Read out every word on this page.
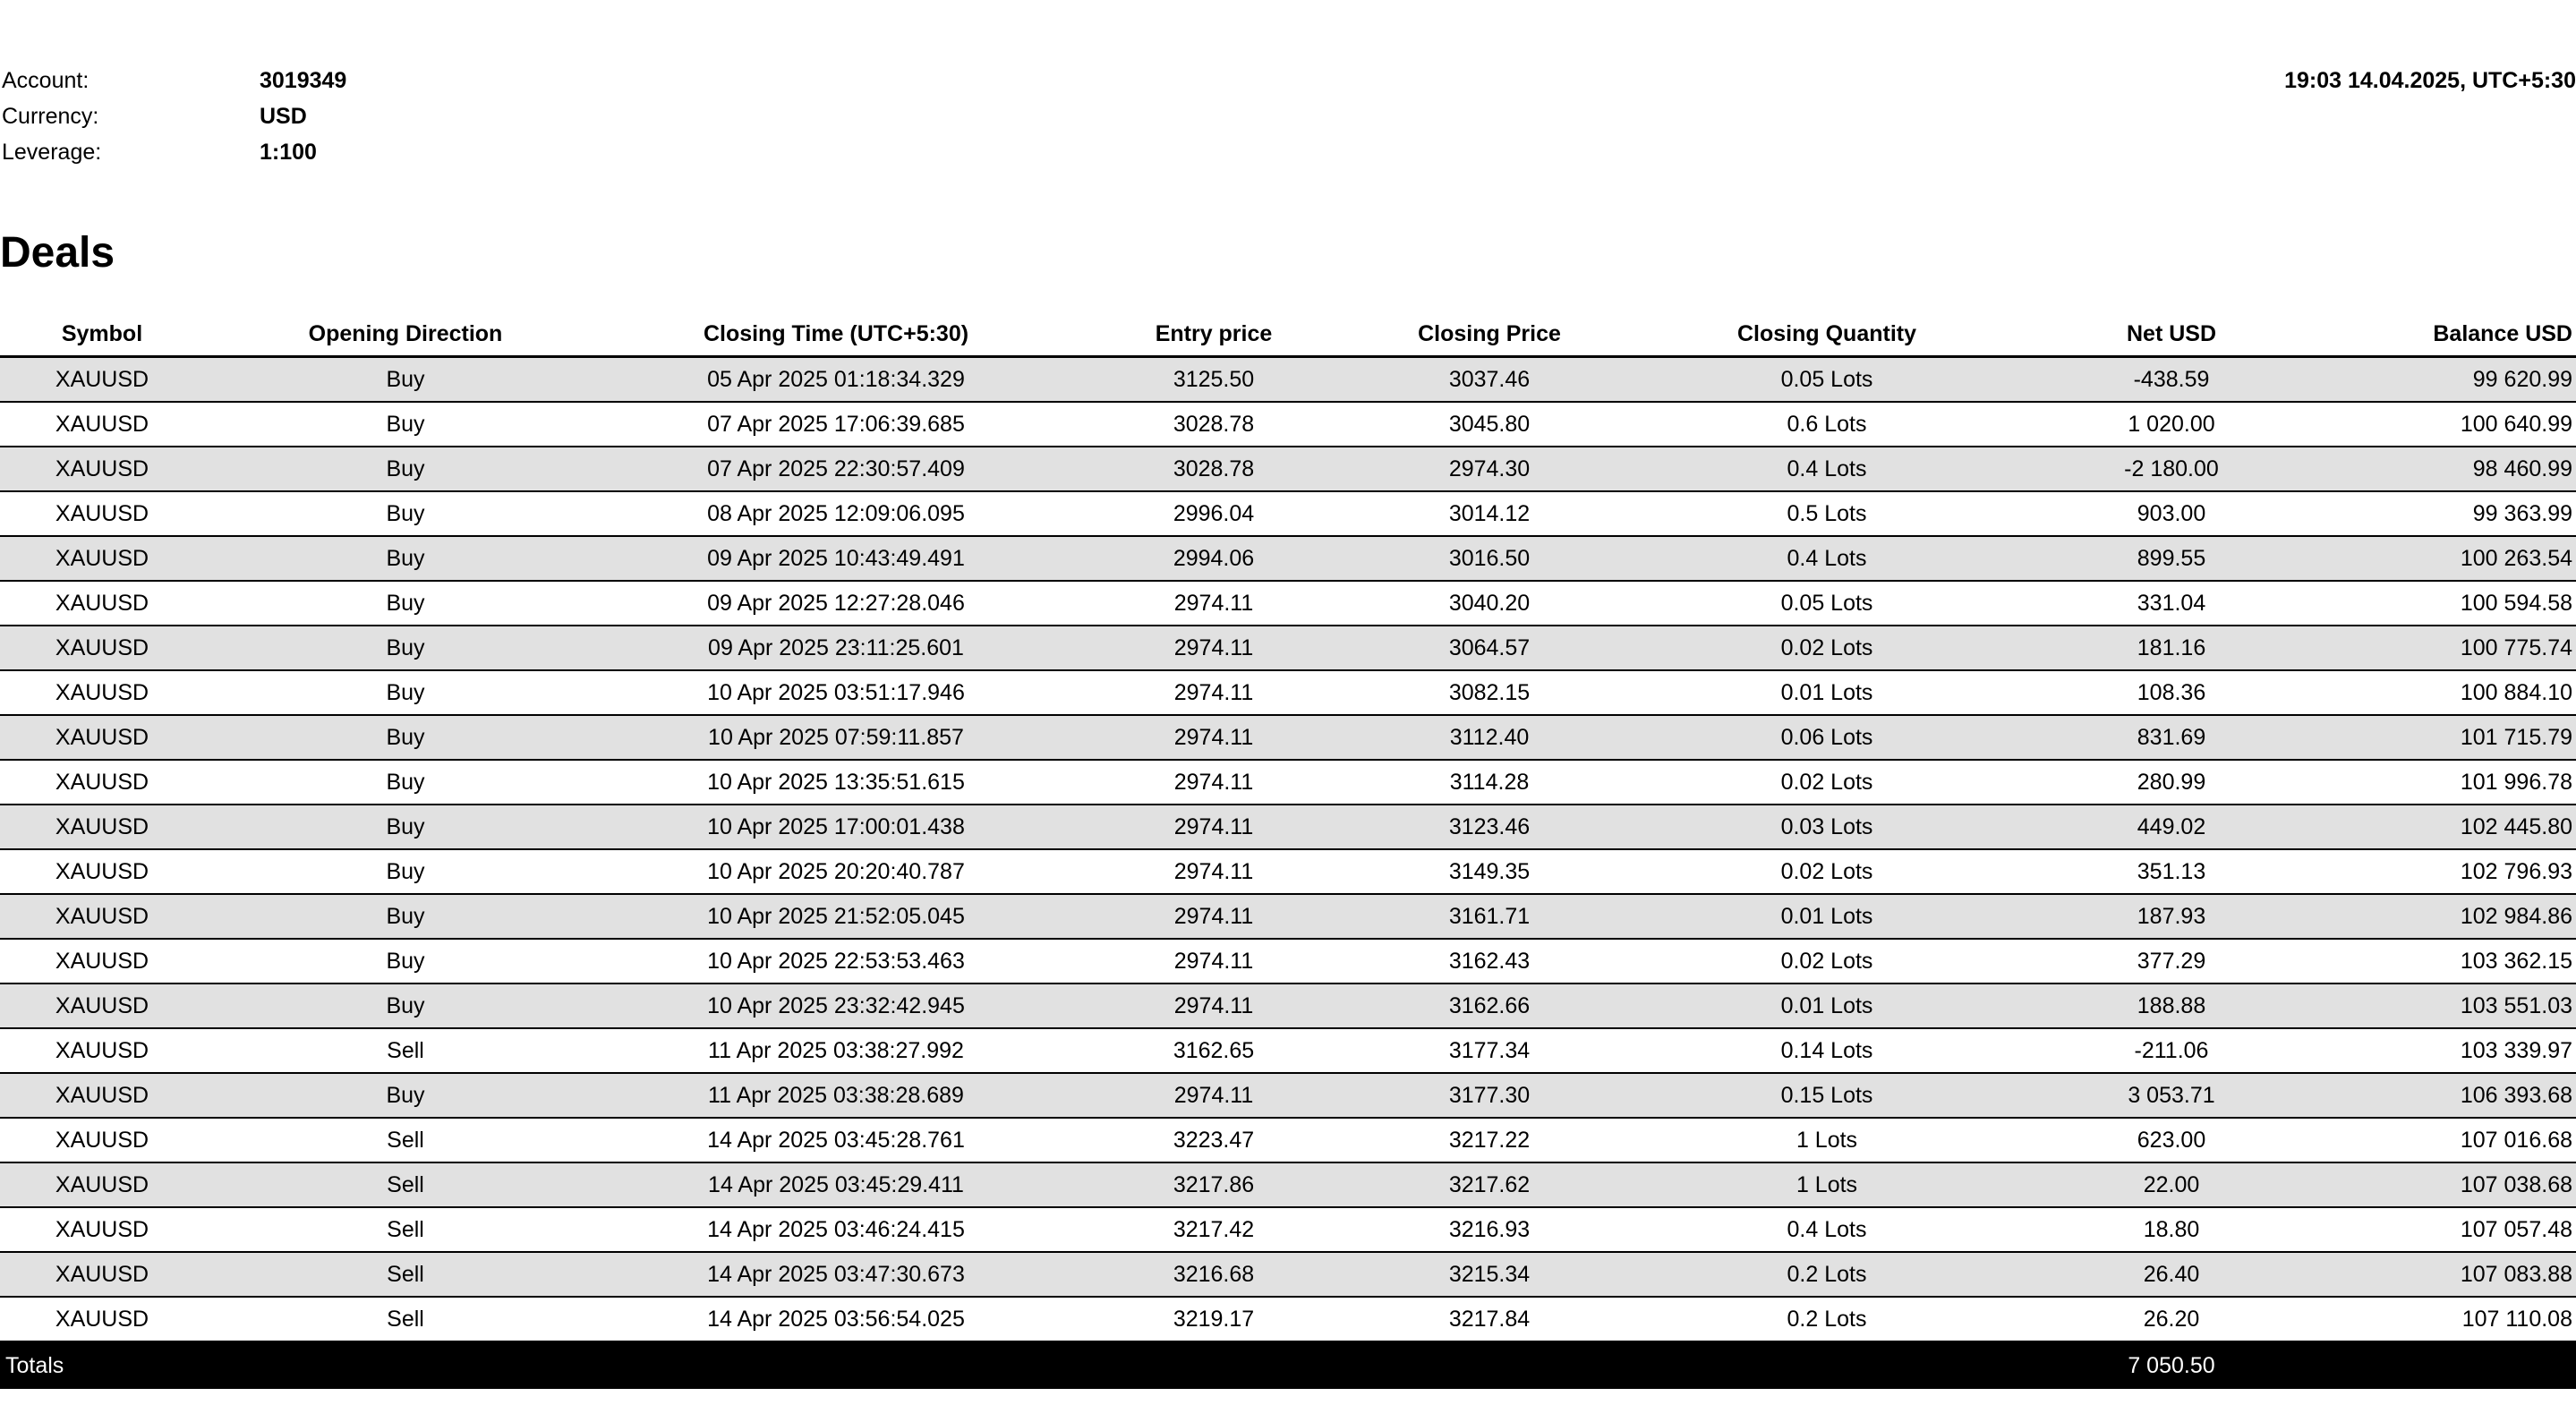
Account:	3019349
Currency:	USD
Leverage:	1:100
19:03 14.04.2025, UTC+5:30
Deals
Symbol	Opening Direction	Closing Time (UTC+5:30)	Entry price	Closing Price	Closing Quantity	Net USD	Balance USD
XAUUSD	Buy	05 Apr 2025 01:18:34.329	3125.50	3037.46	0.05 Lots	-438.59	99 620.99
XAUUSD	Buy	07 Apr 2025 17:06:39.685	3028.78	3045.80	0.6 Lots	1 020.00	100 640.99
XAUUSD	Buy	07 Apr 2025 22:30:57.409	3028.78	2974.30	0.4 Lots	-2 180.00	98 460.99
XAUUSD	Buy	08 Apr 2025 12:09:06.095	2996.04	3014.12	0.5 Lots	903.00	99 363.99
XAUUSD	Buy	09 Apr 2025 10:43:49.491	2994.06	3016.50	0.4 Lots	899.55	100 263.54
XAUUSD	Buy	09 Apr 2025 12:27:28.046	2974.11	3040.20	0.05 Lots	331.04	100 594.58
XAUUSD	Buy	09 Apr 2025 23:11:25.601	2974.11	3064.57	0.02 Lots	181.16	100 775.74
XAUUSD	Buy	10 Apr 2025 03:51:17.946	2974.11	3082.15	0.01 Lots	108.36	100 884.10
XAUUSD	Buy	10 Apr 2025 07:59:11.857	2974.11	3112.40	0.06 Lots	831.69	101 715.79
XAUUSD	Buy	10 Apr 2025 13:35:51.615	2974.11	3114.28	0.02 Lots	280.99	101 996.78
XAUUSD	Buy	10 Apr 2025 17:00:01.438	2974.11	3123.46	0.03 Lots	449.02	102 445.80
XAUUSD	Buy	10 Apr 2025 20:20:40.787	2974.11	3149.35	0.02 Lots	351.13	102 796.93
XAUUSD	Buy	10 Apr 2025 21:52:05.045	2974.11	3161.71	0.01 Lots	187.93	102 984.86
XAUUSD	Buy	10 Apr 2025 22:53:53.463	2974.11	3162.43	0.02 Lots	377.29	103 362.15
XAUUSD	Buy	10 Apr 2025 23:32:42.945	2974.11	3162.66	0.01 Lots	188.88	103 551.03
XAUUSD	Sell	11 Apr 2025 03:38:27.992	3162.65	3177.34	0.14 Lots	-211.06	103 339.97
XAUUSD	Buy	11 Apr 2025 03:38:28.689	2974.11	3177.30	0.15 Lots	3 053.71	106 393.68
XAUUSD	Sell	14 Apr 2025 03:45:28.761	3223.47	3217.22	1 Lots	623.00	107 016.68
XAUUSD	Sell	14 Apr 2025 03:45:29.411	3217.86	3217.62	1 Lots	22.00	107 038.68
XAUUSD	Sell	14 Apr 2025 03:46:24.415	3217.42	3216.93	0.4 Lots	18.80	107 057.48
XAUUSD	Sell	14 Apr 2025 03:47:30.673	3216.68	3215.34	0.2 Lots	26.40	107 083.88
XAUUSD	Sell	14 Apr 2025 03:56:54.025	3219.17	3217.84	0.2 Lots	26.20	107 110.08
Totals						7 050.50	
